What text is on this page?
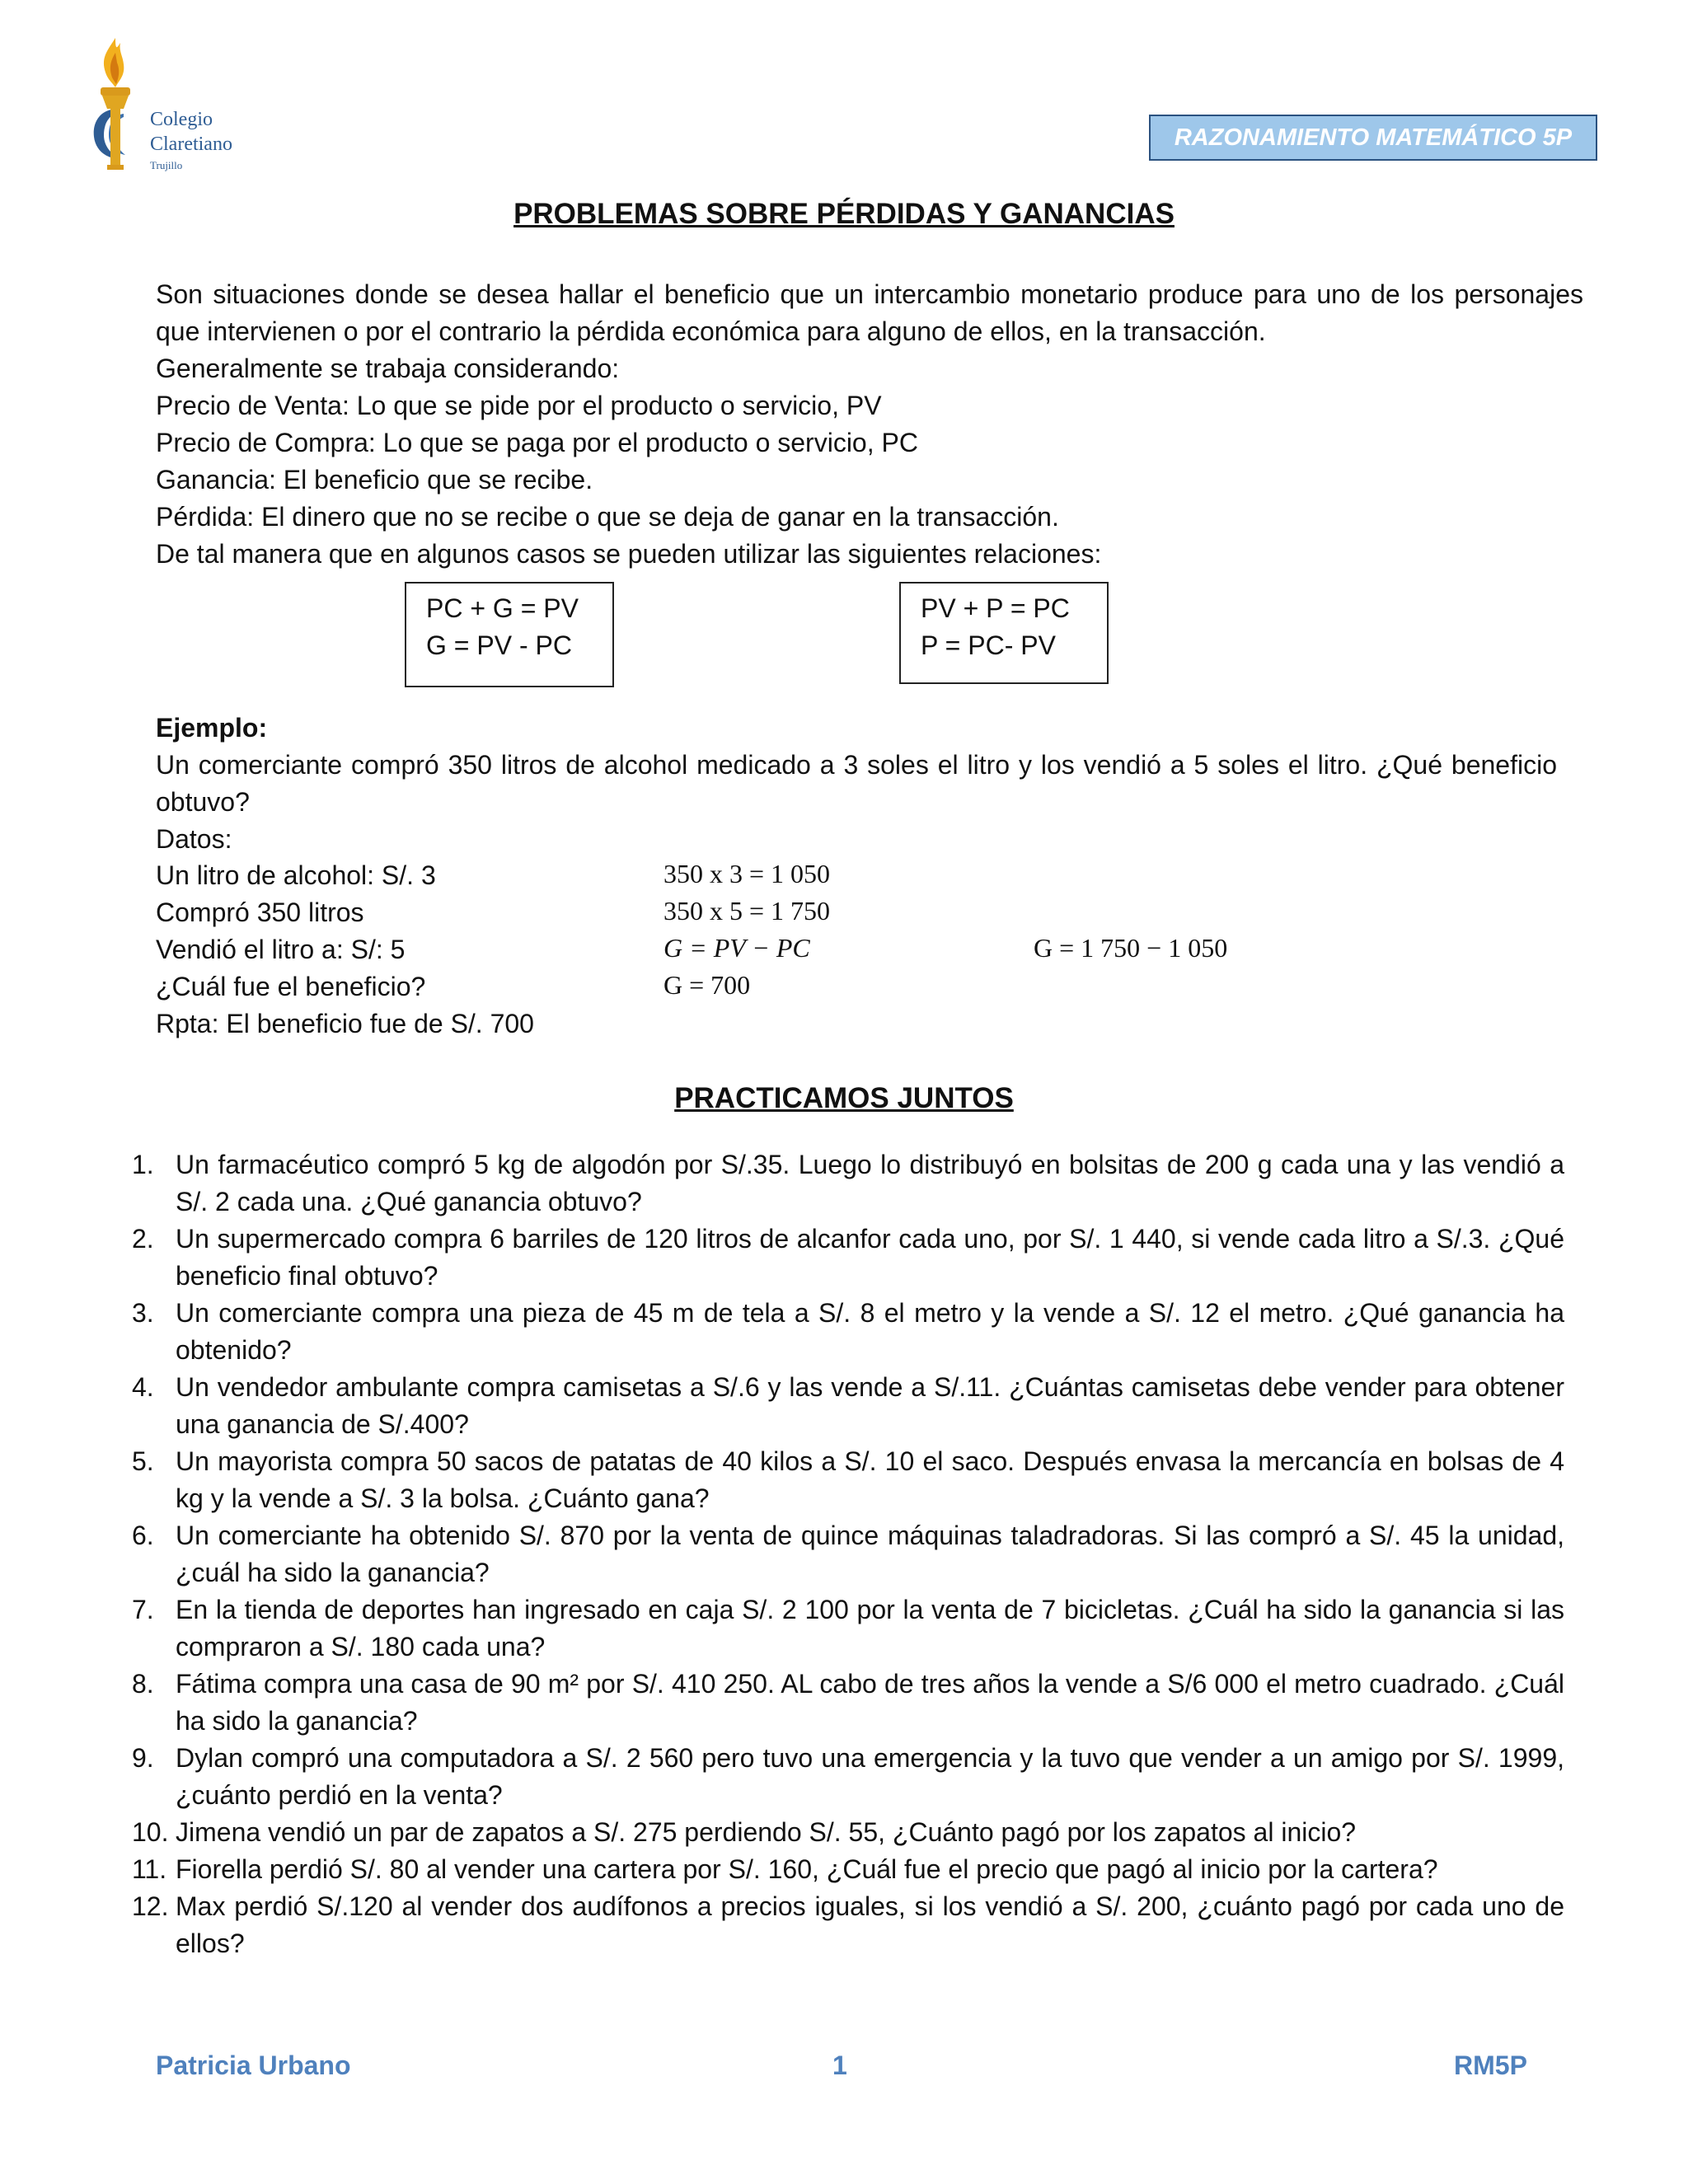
Colegio
Claretiano
Trujillo
RAZONAMIENTO MATEMÁTICO 5P
PROBLEMAS SOBRE PÉRDIDAS Y GANANCIAS

Son situaciones donde se desea hallar el beneficio que un intercambio monetario produce para uno de los personajes que intervienen o por el contrario la pérdida económica para alguno de ellos, en la transacción.

Generalmente se trabaja considerando:

Precio de Venta: Lo que se pide por el producto o servicio, PV

Precio de Compra: Lo que se paga por el producto o servicio, PC

Ganancia: El beneficio que se recibe.

Pérdida: El dinero que no se recibe o que se deja de ganar en la transacción.

De tal manera que en algunos casos se pueden utilizar las siguientes relaciones:

PC + G = PV
G = PV - PC
PV + P = PC
P = PC- PV

Ejemplo:

Un comerciante compró 350 litros de alcohol medicado a 3 soles el litro y los vendió a 5 soles el litro. ¿Qué beneficio obtuvo?

Datos:

Un litro de alcohol: S/. 3
Compró 350 litros
Vendió el litro a: S/: 5
¿Cuál fue el beneficio?
Rpta: El beneficio fue de S/. 700
350 x 3 = 1 050
350 x 5 = 1 750
G = PV − PC
G = 700
G = 1 750 − 1 050
PRACTICAMOS JUNTOS
1. Un farmacéutico compró 5 kg de algodón por S/.35. Luego lo distribuyó en bolsitas de 200 g cada una y las vendió a S/. 2 cada una. ¿Qué ganancia obtuvo?
2. Un supermercado compra 6 barriles de 120 litros de alcanfor cada uno, por S/. 1 440, si vende cada litro a S/.3. ¿Qué beneficio final obtuvo?
3. Un comerciante compra una pieza de 45 m de tela a S/. 8 el metro y la vende a S/. 12 el metro. ¿Qué ganancia ha obtenido?
4. Un vendedor ambulante compra camisetas a S/.6 y las vende a S/.11. ¿Cuántas camisetas debe vender para obtener una ganancia de S/.400?
5. Un mayorista compra 50 sacos de patatas de 40 kilos a S/. 10 el saco. Después envasa la mercancía en bolsas de 4 kg y la vende a S/. 3 la bolsa. ¿Cuánto gana?
6. Un comerciante ha obtenido S/. 870 por la venta de quince máquinas taladradoras. Si las compró a S/. 45 la unidad, ¿cuál ha sido la ganancia?
7. En la tienda de deportes han ingresado en caja S/. 2 100 por la venta de 7 bicicletas. ¿Cuál ha sido la ganancia si las compraron a S/. 180 cada una?
8. Fátima compra una casa de 90 m² por S/. 410 250. AL cabo de tres años la vende a S/6 000 el metro cuadrado. ¿Cuál ha sido la ganancia?
9. Dylan compró una computadora a S/. 2 560 pero tuvo una emergencia y la tuvo que vender a un amigo por S/. 1999, ¿cuánto perdió en la venta?
10. Jimena vendió un par de zapatos a S/. 275 perdiendo S/. 55, ¿Cuánto pagó por los zapatos al inicio?
11. Fiorella perdió S/. 80 al vender una cartera por S/. 160, ¿Cuál fue el precio que pagó al inicio por la cartera?
12. Max perdió S/.120 al vender dos audífonos a precios iguales, si los vendió a S/. 200, ¿cuánto pagó por cada uno de ellos?
Patricia Urbano	1	RM5P
